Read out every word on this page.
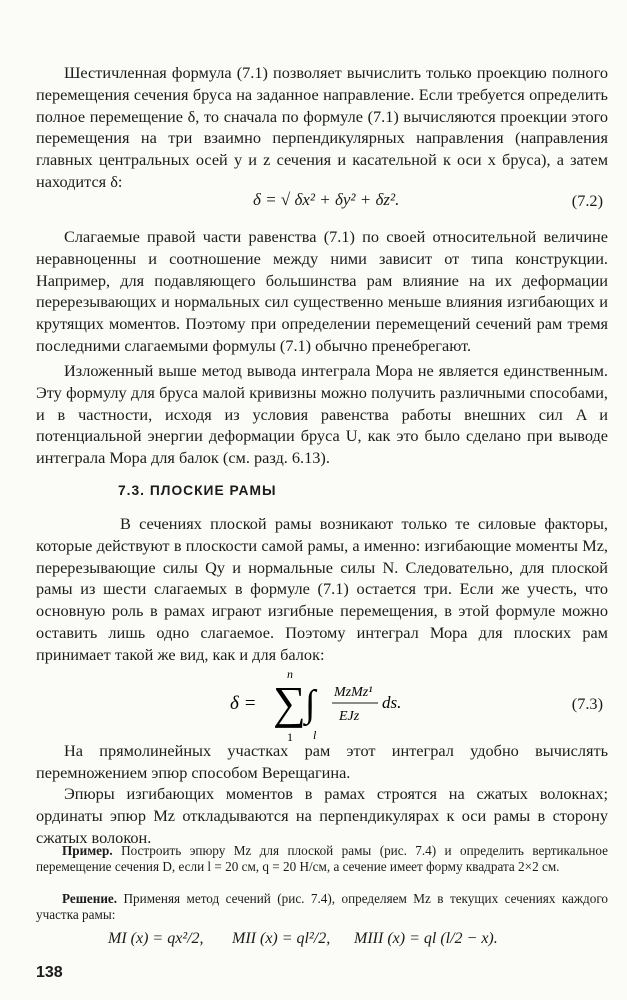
Шестичленная формула (7.1) позволяет вычислить только проекцию полного перемещения сечения бруса на заданное направление. Если требуется определить полное перемещение δ, то сначала по формуле (7.1) вычисляются проекции этого перемещения на три взаимно перпендикулярных направления (направления главных центральных осей y и z сечения и касательной к оси x бруса), а затем находится δ:

δ = √ δx² + δy² + δz².	(7.2)

Слагаемые правой части равенства (7.1) по своей относительной величине неравноценны и соотношение между ними зависит от типа конструкции. Например, для подавляющего большинства рам влияние на их деформации перерезывающих и нормальных сил существенно меньше влияния изгибающих и крутящих моментов. Поэтому при определении перемещений сечений рам тремя последними слагаемыми формулы (7.1) обычно пренебрегают.

Изложенный выше метод вывода интеграла Мора не является единственным. Эту формулу для бруса малой кривизны можно получить различными способами, и в частности, исходя из условия равенства работы внешних сил A и потенциальной энергии деформации бруса U, как это было сделано при выводе интеграла Мора для балок (см. разд. 6.13).

7.3. ПЛОСКИЕ РАМЫ

В сечениях плоской рамы возникают только те силовые факторы, которые действуют в плоскости самой рамы, а именно: изгибающие моменты Mz, перерезывающие силы Qy и нормальные силы N. Следовательно, для плоской рамы из шести слагаемых в формуле (7.1) остается три. Если же учесть, что основную роль в рамах играют изгибные перемещения, в этой формуле можно оставить лишь одно слагаемое. Поэтому интеграл Мора для плоских рам принимает такой же вид, как и для балок:

δ =
n
∑
1
∫
l
MzMz¹
EJz
ds.	(7.3)

На прямолинейных участках рам этот интеграл удобно вычислять перемножением эпюр способом Верещагина.

Эпюры изгибающих моментов в рамах строятся на сжатых волокнах; ординаты эпюр Mz откладываются на перпендикулярах к оси рамы в сторону сжатых волокон.

Пример. Построить эпюру Mz для плоской рамы (рис. 7.4) и определить вертикальное перемещение сечения D, если l = 20 см, q = 20 Н/см, а сечение имеет форму квадрата 2×2 см.

Решение. Применяя метод сечений (рис. 7.4), определяем Mz в текущих сечениях каждого участка рамы:

MI (x) = qx²/2, MII (x) = ql²/2, MIII (x) = ql (l/2 − x).
138
